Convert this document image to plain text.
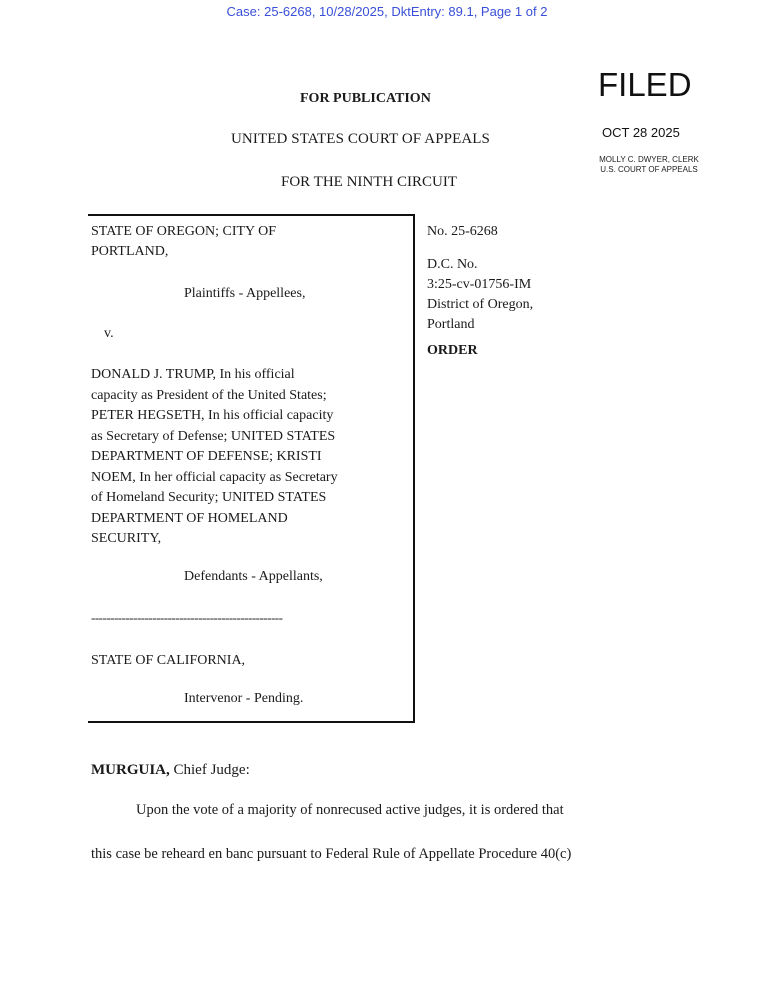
Case: 25-6268, 10/28/2025, DktEntry: 89.1, Page 1 of 2
FOR PUBLICATION
UNITED STATES COURT OF APPEALS
FOR THE NINTH CIRCUIT
FILED
OCT 28 2025
MOLLY C. DWYER, CLERK
U.S. COURT OF APPEALS
STATE OF OREGON; CITY OF
PORTLAND,
Plaintiffs - Appellees,
v.
DONALD J. TRUMP, In his official
capacity as President of the United States;
PETER HEGSETH, In his official capacity
as Secretary of Defense; UNITED STATES
DEPARTMENT OF DEFENSE; KRISTI
NOEM, In her official capacity as Secretary
of Homeland Security; UNITED STATES
DEPARTMENT OF HOMELAND
SECURITY,
Defendants - Appellants,
--------------------------------------------------
STATE OF CALIFORNIA,
Intervenor - Pending.
No. 25-6268
D.C. No.
3:25-cv-01756-IM
District of Oregon,
Portland
ORDER
MURGUIA, Chief Judge:
Upon the vote of a majority of nonrecused active judges, it is ordered that
this case be reheard en banc pursuant to Federal Rule of Appellate Procedure 40(c)
